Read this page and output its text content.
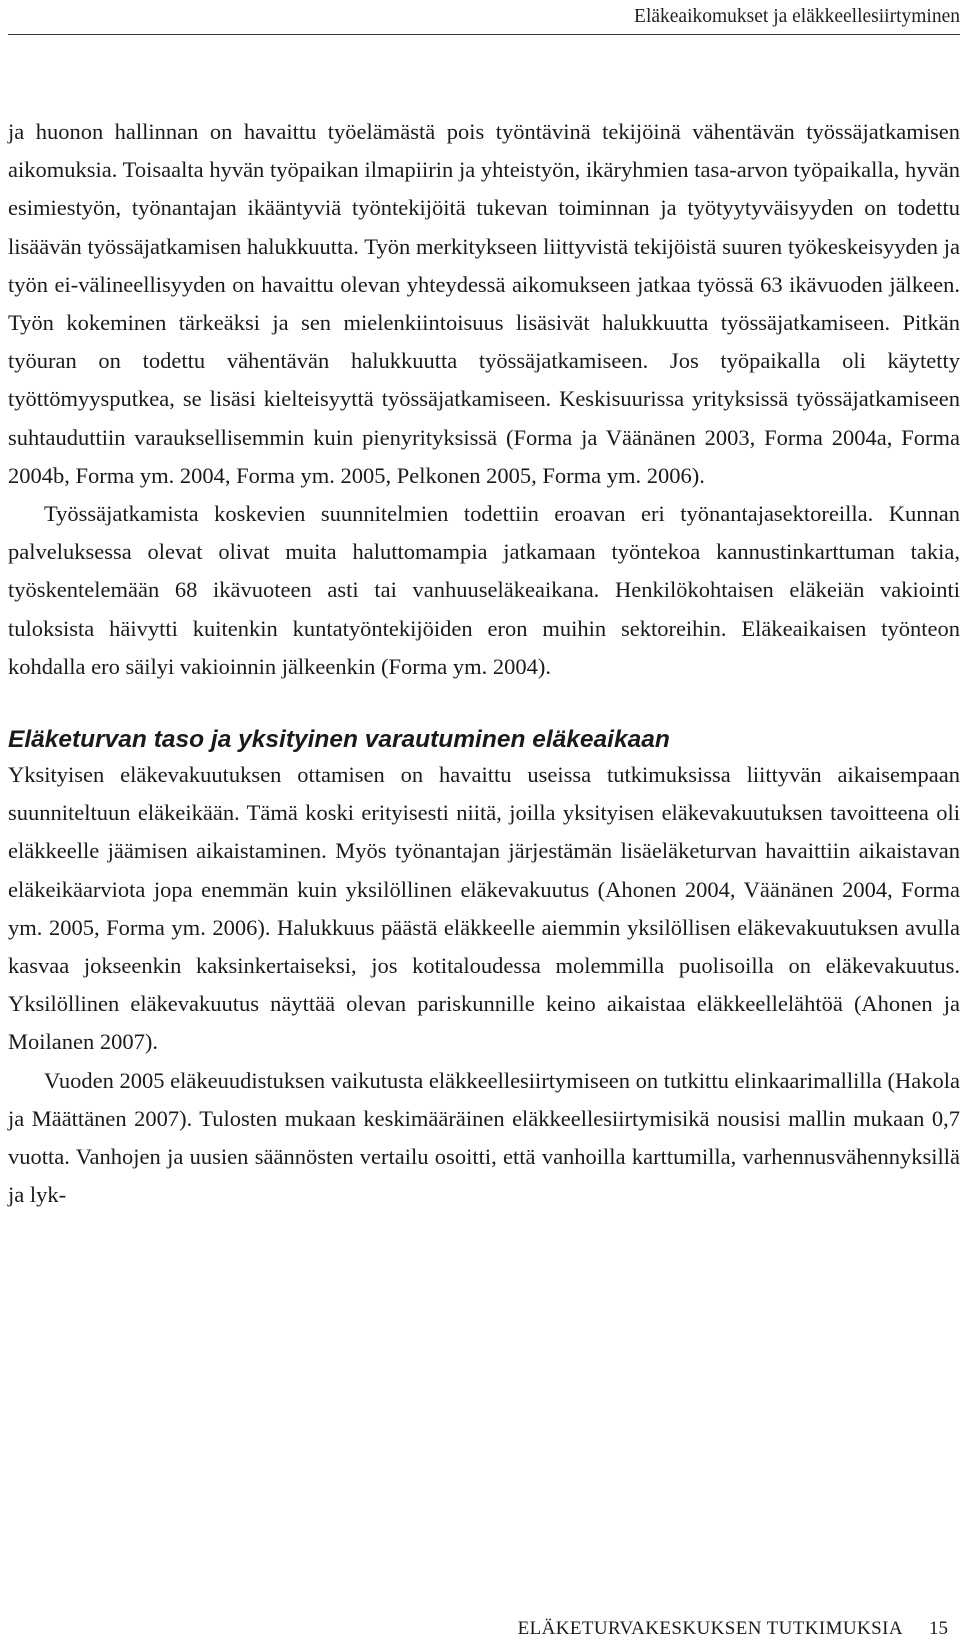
Eläkeaikomukset ja eläkkeellesiirtyminen

ja huonon hallinnan on havaittu työelämästä pois työntävinä tekijöinä vähentävän työssäjatkamisen aikomuksia. Toisaalta hyvän työpaikan ilmapiirin ja yhteistyön, ikäryhmien tasa-arvon työpaikalla, hyvän esimiestyön, työnantajan ikääntyviä työntekijöitä tukevan toiminnan ja työtyytyväisyyden on todettu lisäävän työssäjatkamisen halukkuutta. Työn merkitykseen liittyvistä tekijöistä suuren työkeskeisyyden ja työn ei-välineellisyyden on havaittu olevan yhteydessä aikomukseen jatkaa työssä 63 ikävuoden jälkeen. Työn kokeminen tärkeäksi ja sen mielenkiintoisuus lisäsivät halukkuutta työssäjatkamiseen. Pitkän työuran on todettu vähentävän halukkuutta työssäjatkamiseen. Jos työpaikalla oli käytetty työttömyysputkea, se lisäsi kielteisyyttä työssäjatkamiseen. Keskisuurissa yrityksissä työssäjatkamiseen suhtauduttiin varauksellisemmin kuin pienyrityksissä (Forma ja Väänänen 2003, Forma 2004a, Forma 2004b, Forma ym. 2004, Forma ym. 2005, Pelkonen 2005, Forma ym. 2006).

Työssäjatkamista koskevien suunnitelmien todettiin eroavan eri työnantajasektoreilla. Kunnan palveluksessa olevat olivat muita haluttomampia jatkamaan työntekoa kannustinkarttuman takia, työskentelemään 68 ikävuoteen asti tai vanhuuseläkeaikana. Henkilökohtaisen eläkeiän vakiointi tuloksista häivytti kuitenkin kuntatyöntekijöiden eron muihin sektoreihin. Eläkeaikaisen työnteon kohdalla ero säilyi vakioinnin jälkeenkin (Forma ym. 2004).

Eläketurvan taso ja yksityinen varautuminen eläkeaikaan

Yksityisen eläkevakuutuksen ottamisen on havaittu useissa tutkimuksissa liittyvän aikaisempaan suunniteltuun eläkeikään. Tämä koski erityisesti niitä, joilla yksityisen eläkevakuutuksen tavoitteena oli eläkkeelle jäämisen aikaistaminen. Myös työnantajan järjestämän lisäeläketurvan havaittiin aikaistavan eläkeikäarviota jopa enemmän kuin yksilöllinen eläkevakuutus (Ahonen 2004, Väänänen 2004, Forma ym. 2005, Forma ym. 2006). Halukkuus päästä eläkkeelle aiemmin yksilöllisen eläkevakuutuksen avulla kasvaa jokseenkin kaksinkertaiseksi, jos kotitaloudessa molemmilla puolisoilla on eläkevakuutus. Yksilöllinen eläkevakuutus näyttää olevan pariskunnille keino aikaistaa eläkkeellelähtöä (Ahonen ja Moilanen 2007).

Vuoden 2005 eläkeuudistuksen vaikutusta eläkkeellesiirtymiseen on tutkittu elinkaarimallilla (Hakola ja Määttänen 2007). Tulosten mukaan keskimääräinen eläkkeellesiirtymisikä nousisi mallin mukaan 0,7 vuotta. Vanhojen ja uusien säännösten vertailu osoitti, että vanhoilla karttumilla, varhennusvähennyksillä ja lyk-

ELÄKETURVAKESKUKSEN TUTKIMUKSIA 15
